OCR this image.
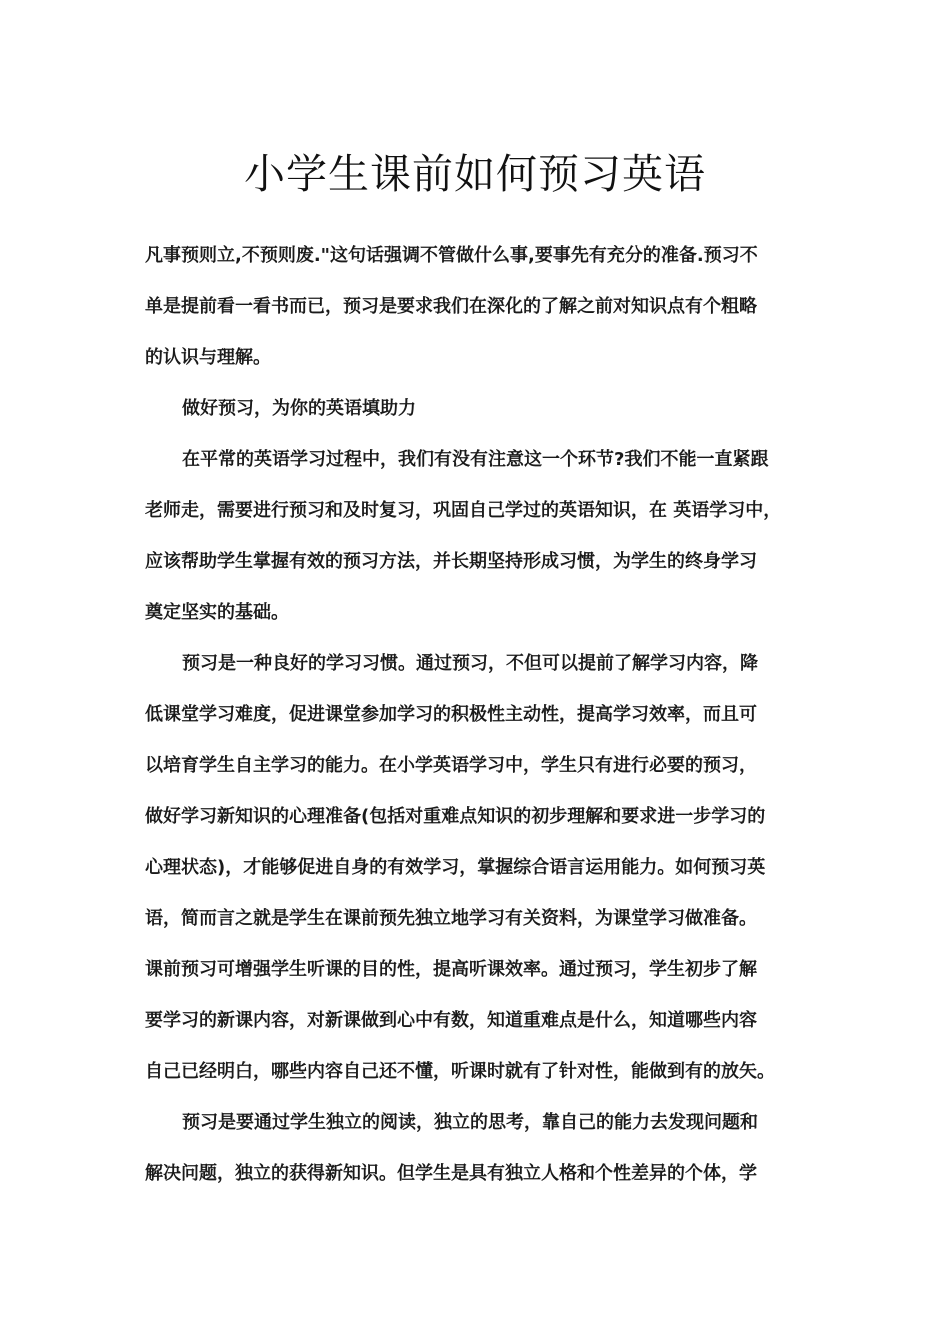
小学生课前如何预习英语
凡事预则立,不预则废."这句话强调不管做什么事,要事先有充分的准备.预习不
单是提前看一看书而已，预习是要求我们在深化的了解之前对知识点有个粗略
的认识与理解。
做好预习，为你的英语填助力
在平常的英语学习过程中，我们有没有注意这一个环节?我们不能一直紧跟
老师走，需要进行预习和及时复习，巩固自己学过的英语知识，在 英语学习中，
应该帮助学生掌握有效的预习方法，并长期坚持形成习惯，为学生的终身学习
奠定坚实的基础。
预习是一种良好的学习习惯。通过预习，不但可以提前了解学习内容，降
低课堂学习难度，促进课堂参加学习的积极性主动性，提高学习效率，而且可
以培育学生自主学习的能力。在小学英语学习中，学生只有进行必要的预习，
做好学习新知识的心理准备(包括对重难点知识的初步理解和要求进一步学习的
心理状态)，才能够促进自身的有效学习，掌握综合语言运用能力。如何预习英
语，简而言之就是学生在课前预先独立地学习有关资料，为课堂学习做准备。
课前预习可增强学生听课的目的性，提高听课效率。通过预习，学生初步了解
要学习的新课内容，对新课做到心中有数，知道重难点是什么，知道哪些内容
自己已经明白，哪些内容自己还不懂，听课时就有了针对性，能做到有的放矢。
预习是要通过学生独立的阅读，独立的思考，靠自己的能力去发现问题和
解决问题，独立的获得新知识。但学生是具有独立人格和个性差异的个体，学
